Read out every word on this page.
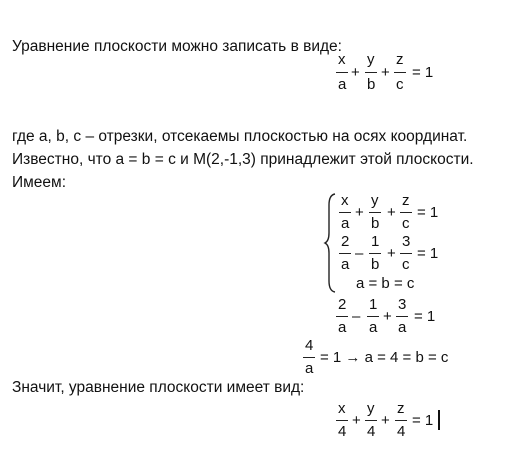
Уравнение плоскости можно записать в виде:
x
a
+
y
b
+
z
c
= 1
где a, b, c – отрезки, отсекаемы плоскостью на осях координат.
Известно, что a = b = c и M(2,-1,3) принадлежит этой плоскости.
Имеем:
x
a
+
y
b
+
z
c
= 1
2
a
–
1
b
+
3
c
= 1
a = b = c
2
a
–
1
a
+
3
a
= 1
4
a
= 1 → a = 4 = b = c
Значит, уравнение плоскости имеет вид:
x
4
+
y
4
+
z
4
= 1
